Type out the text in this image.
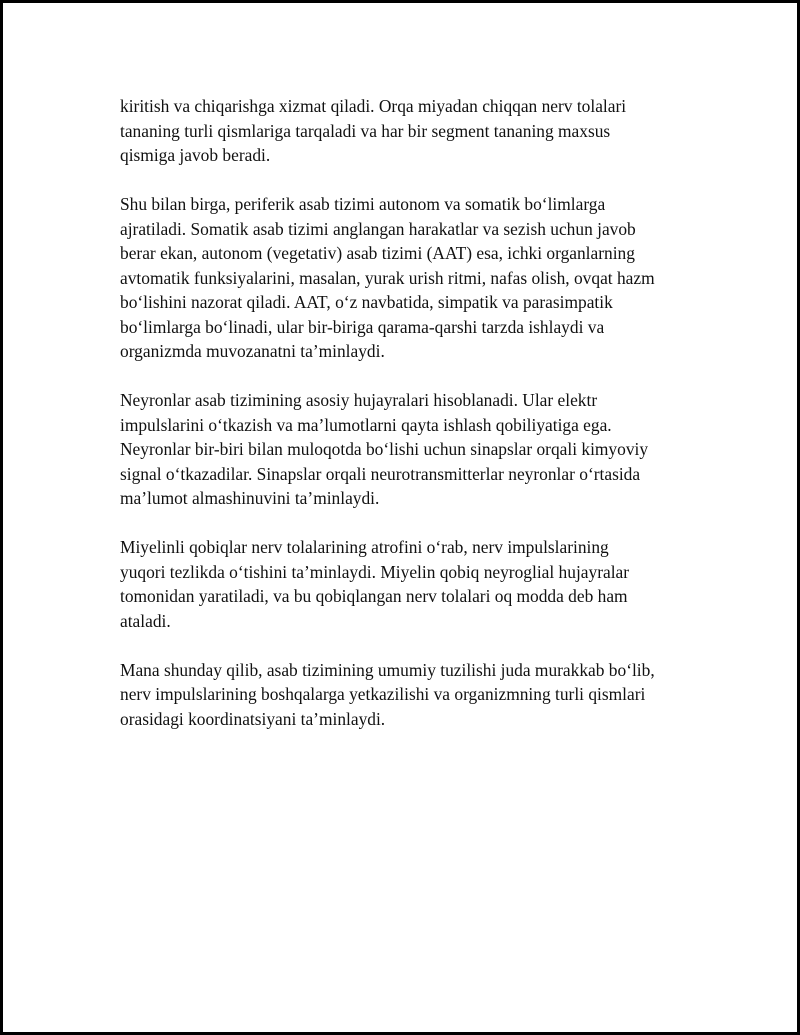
kiritish va chiqarishga xizmat qiladi. Orqa miyadan chiqqan nerv tolalari
tananing turli qismlariga tarqaladi va har bir segment tananing maxsus
qismiga javob beradi.

Shu bilan birga, periferik asab tizimi autonom va somatik bo‘limlarga
ajratiladi. Somatik asab tizimi anglangan harakatlar va sezish uchun javob
berar ekan, autonom (vegetativ) asab tizimi (AAT) esa, ichki organlarning
avtomatik funksiyalarini, masalan, yurak urish ritmi, nafas olish, ovqat hazm
bo‘lishini nazorat qiladi. AAT, o‘z navbatida, simpatik va parasimpatik
bo‘limlarga bo‘linadi, ular bir-biriga qarama-qarshi tarzda ishlaydi va
organizmda muvozanatni ta’minlaydi.

Neyronlar asab tizimining asosiy hujayralari hisoblanadi. Ular elektr
impulslarini o‘tkazish va ma’lumotlarni qayta ishlash qobiliyatiga ega.
Neyronlar bir-biri bilan muloqotda bo‘lishi uchun sinapslar orqali kimyoviy
signal o‘tkazadilar. Sinapslar orqali neurotransmitterlar neyronlar o‘rtasida
ma’lumot almashinuvini ta’minlaydi.

Miyelinli qobiqlar nerv tolalarining atrofini o‘rab, nerv impulslarining
yuqori tezlikda o‘tishini ta’minlaydi. Miyelin qobiq neyroglial hujayralar
tomonidan yaratiladi, va bu qobiqlangan nerv tolalari oq modda deb ham
ataladi.

Mana shunday qilib, asab tizimining umumiy tuzilishi juda murakkab bo‘lib,
nerv impulslarining boshqalarga yetkazilishi va organizmning turli qismlari
orasidagi koordinatsiyani ta’minlaydi.
